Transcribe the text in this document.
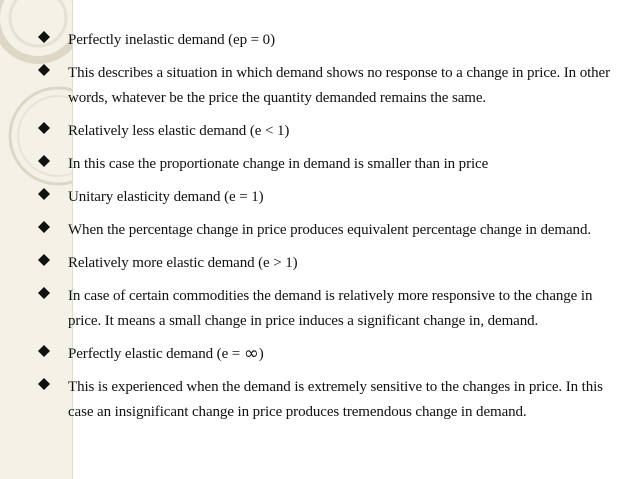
Perfectly inelastic demand (ep = 0)
This describes a situation in which demand shows no response to a change in price. In other words, whatever be the price the quantity demanded remains the same.
Relatively less elastic demand (e < 1)
In this case the proportionate change in demand is smaller than in price
Unitary elasticity demand (e = 1)
When the percentage change in price produces equivalent percentage change in demand.
Relatively more elastic demand (e > 1)
In case of certain commodities the demand is relatively more responsive to the change in price. It means a small change in price induces a significant change in, demand.
Perfectly elastic demand (e = ∞)
This is experienced when the demand is extremely sensitive to the changes in price. In this case an insignificant change in price produces tremendous change in demand.
